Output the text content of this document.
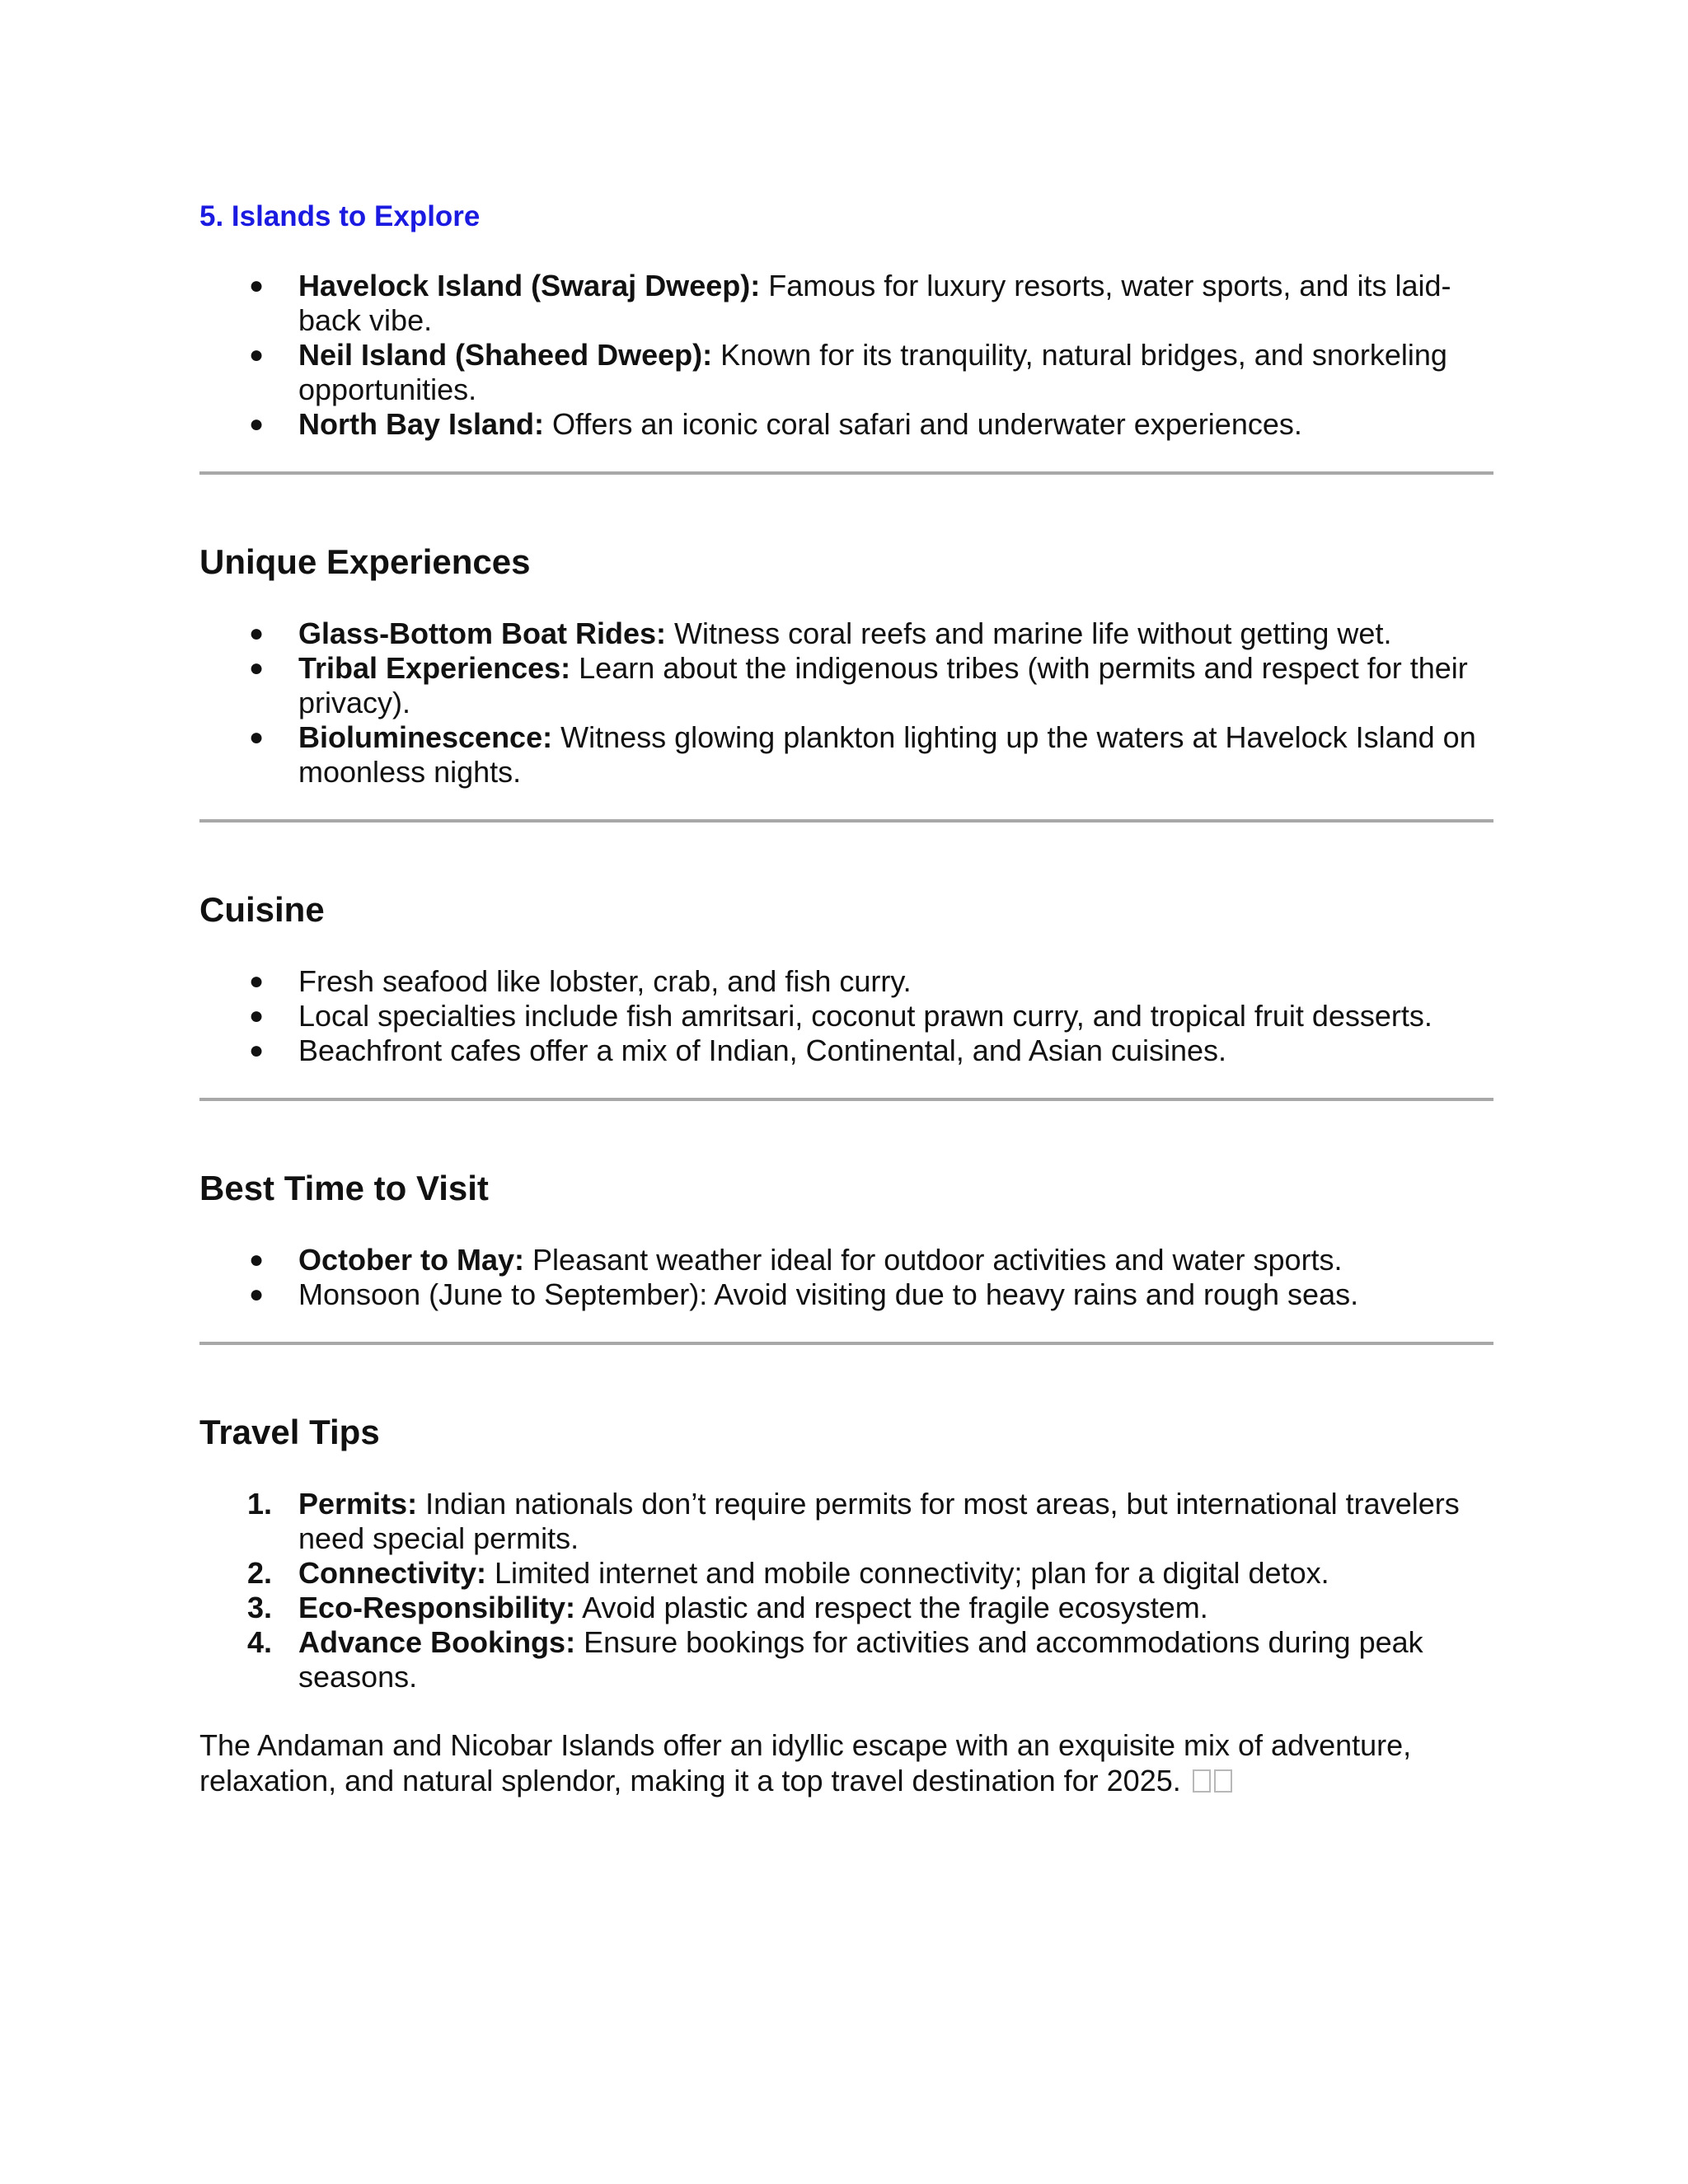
5. Islands to Explore
● Havelock Island (Swaraj Dweep): Famous for luxury resorts, water sports, and its laid-back vibe.
● Neil Island (Shaheed Dweep): Known for its tranquility, natural bridges, and snorkeling opportunities.
● North Bay Island: Offers an iconic coral safari and underwater experiences.
Unique Experiences
● Glass-Bottom Boat Rides: Witness coral reefs and marine life without getting wet.
● Tribal Experiences: Learn about the indigenous tribes (with permits and respect for their privacy).
● Bioluminescence: Witness glowing plankton lighting up the waters at Havelock Island on moonless nights.
Cuisine
● Fresh seafood like lobster, crab, and fish curry.
● Local specialties include fish amritsari, coconut prawn curry, and tropical fruit desserts.
● Beachfront cafes offer a mix of Indian, Continental, and Asian cuisines.
Best Time to Visit
● October to May: Pleasant weather ideal for outdoor activities and water sports.
● Monsoon (June to September): Avoid visiting due to heavy rains and rough seas.
Travel Tips
1. Permits: Indian nationals don’t require permits for most areas, but international travelers need special permits.
2. Connectivity: Limited internet and mobile connectivity; plan for a digital detox.
3. Eco-Responsibility: Avoid plastic and respect the fragile ecosystem.
4. Advance Bookings: Ensure bookings for activities and accommodations during peak seasons.

The Andaman and Nicobar Islands offer an idyllic escape with an exquisite mix of adventure, relaxation, and natural splendor, making it a top travel destination for 2025.
